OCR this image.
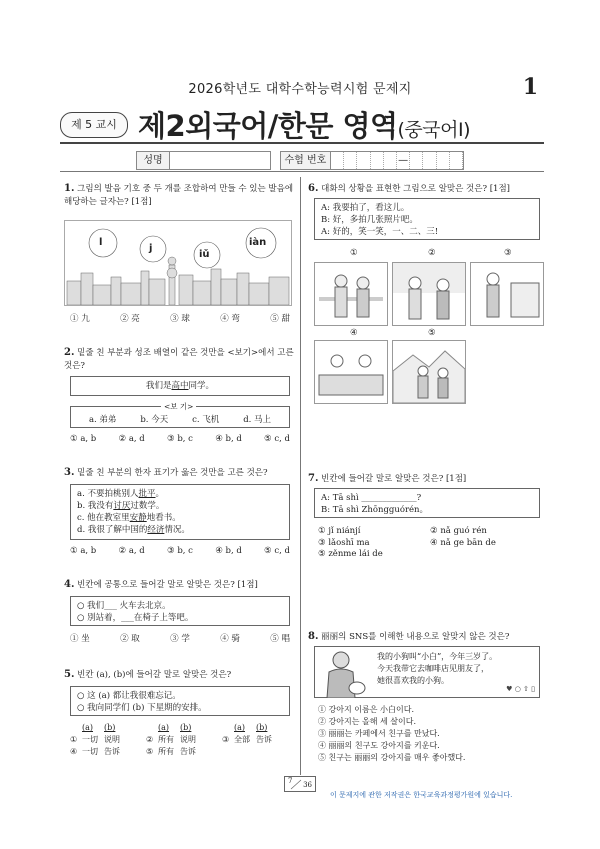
2026학년도 대학수학능력시험 문제지	1
제 5 교시 제2외국어/한문 영역(중국어Ⅰ)
성명	수험 번호	—
1. 그림의 발음 기호 중 두 개를 조합하여 만들 수 있는 발음에 해당하는 글자는? [1점]
l
j
iǔ
iàn
① 九	② 亮	③ 球	④ 弯	⑤ 甜
2. 밑줄 친 부분과 성조 배열이 같은 것만을 <보기>에서 고른 것은?
我们是高中同学。
<보 기>
a. 弟弟	b. 今天	c. 飞机	d. 马上
① a, b	② a, d	③ b, c	④ b, d	⑤ c, d
3. 밑줄 친 부분의 한자 표기가 옳은 것만을 고른 것은?
a. 不要拍桃别人批平。
b. 我没有讨厌过数学。
c. 他在教室里安静地看书。
d. 我很了解中国的经济情况。
① a, b	② a, d	③ b, c	④ b, d	⑤ c, d
4. 빈칸에 공통으로 들어갈 말로 알맞은 것은? [1점]
○ 我们___ 火车去北京。
○ 別站着，___在椅子上等吧。
① 坐	② 取	③ 学	④ 骑	⑤ 唱
5. 빈칸 (a), (b)에 들어갈 말로 알맞은 것은?
○ 这 (a) 都让我很难忘记。
○ 我向同学们 (b) 下星期的安排。
(a)	(b)	(a)	(b)	(a)	(b)
① 一切 说明	② 所有 说明	③ 全部 告诉
④ 一切 告诉	⑤ 所有 告诉
6. 대화의 상황을 표현한 그림으로 알맞은 것은? [1점]
A: 我要拍了，看这儿。
B: 好，多拍几张照片吧。
A: 好的，笑一笑，一、二、三!
①	②	③
④	⑤
7. 빈칸에 들어갈 말로 알맞은 것은? [1점]
A: Tā shì _____________?
B: Tā shì Zhōngguórén。
① jǐ niánjí	② nǎ guó rén
③ lǎoshī ma	④ nǎ ge bān de
⑤ zěnme lái de
8. 丽丽의 SNS를 이해한 내용으로 알맞지 않은 것은?
我的小狗叫“小白”，今年三岁了。
今天我带它去咖啡店见朋友了，
她很喜欢我的小狗。
♥ ○ ⇧ ▯
① 강아지 이름은 小白이다.
② 강아지는 올해 세 살이다.
③ 丽丽는 카페에서 친구를 만났다.
④ 丽丽의 친구도 강아지를 키운다.
⑤ 친구는 丽丽의 강아지를 매우 좋아했다.
7 36
이 문제지에 관한 저작권은 한국교육과정평가원에 있습니다.
